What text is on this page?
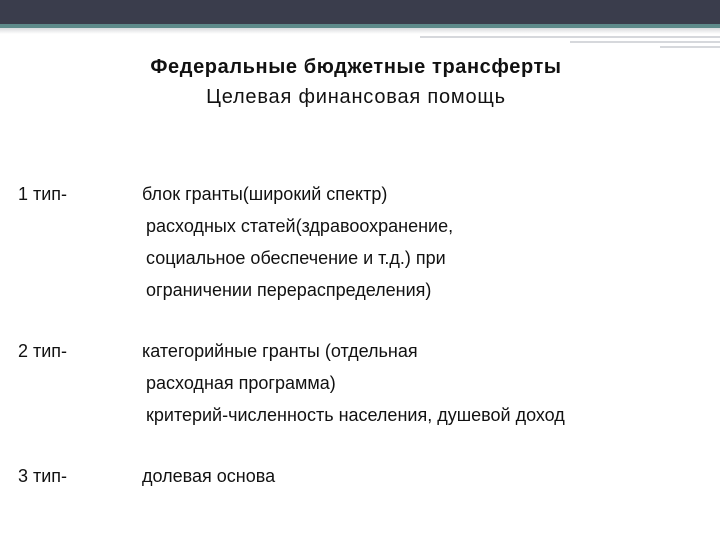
Федеральные бюджетные трансферты
Целевая финансовая помощь
1 тип-	блок гранты(широкий спектр)
расходных статей(здравоохранение,
социальное обеспечение и т.д.) при
ограничении перераспределения)
2 тип-	категорийные гранты (отдельная
расходная программа)
критерий-численность населения, душевой доход
3 тип-	долевая основа
